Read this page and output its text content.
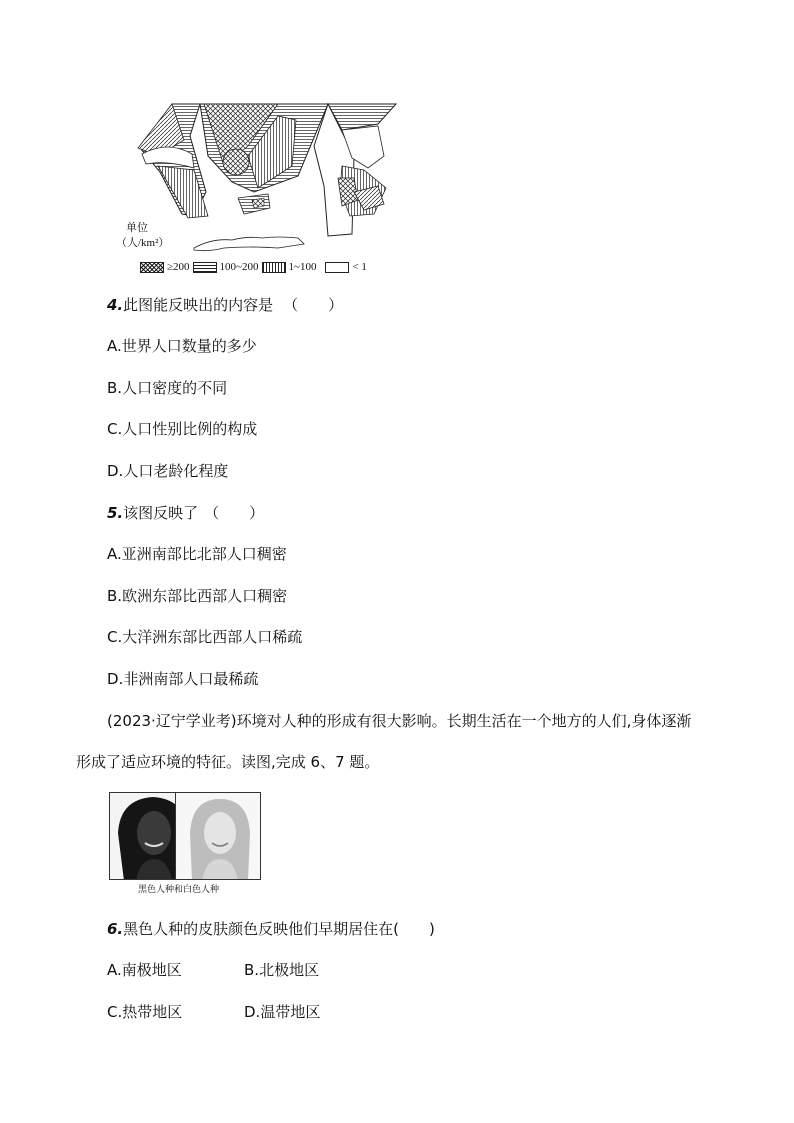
单位
（人/km²）
≥200	100~200	1~100	< 1
4.此图能反映出的内容是 （　　）
A.世界人口数量的多少
B.人口密度的不同
C.人口性别比例的构成
D.人口老龄化程度
5.该图反映了 （　　）
A.亚洲南部比北部人口稠密
B.欧洲东部比西部人口稠密
C.大洋洲东部比西部人口稀疏
D.非洲南部人口最稀疏
(2023·辽宁学业考)环境对人种的形成有很大影响。长期生活在一个地方的人们,身体逐渐
形成了适应环境的特征。读图,完成 6、7 题。
黑色人种和白色人种
6.黑色人种的皮肤颜色反映他们早期居住在(　　)
A.南极地区	B.北极地区
C.热带地区	D.温带地区
